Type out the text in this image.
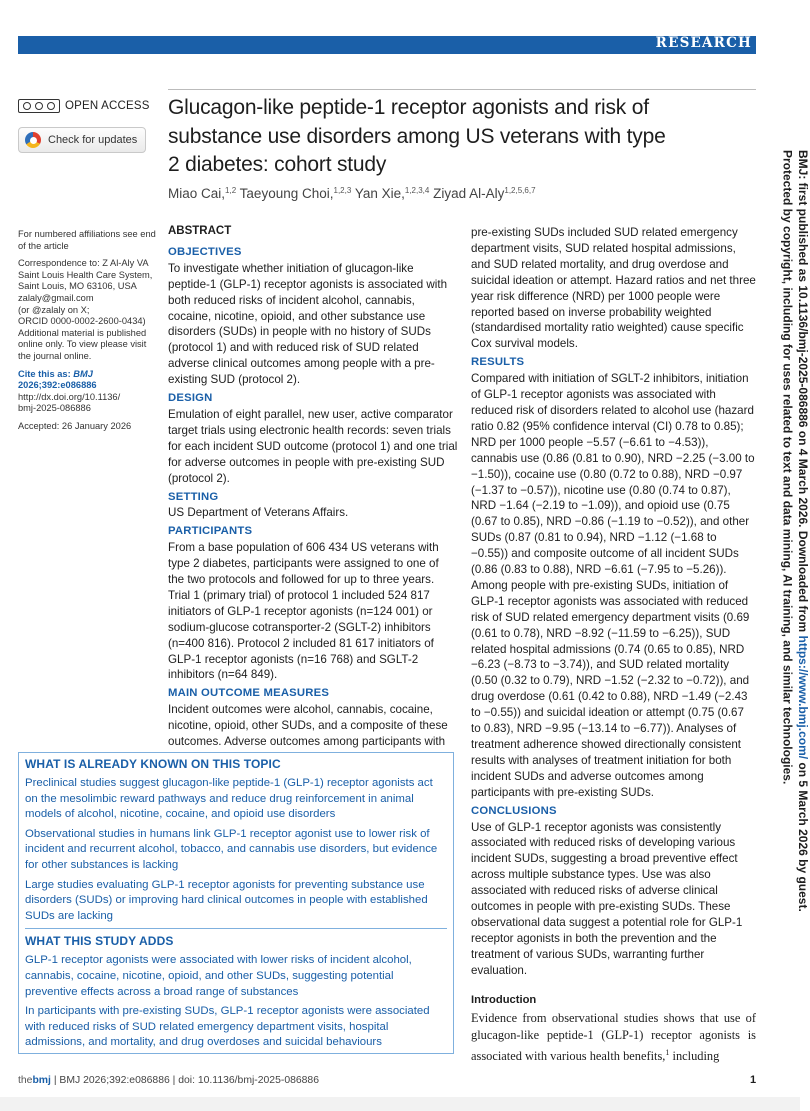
RESEARCH
OPEN ACCESS
Check for updates
Glucagon-like peptide-1 receptor agonists and risk of substance use disorders among US veterans with type 2 diabetes: cohort study
Miao Cai,$^{1,2}$ Taeyoung Choi,$^{1,2,3}$ Yan Xie,$^{1,2,3,4}$ Ziyad Al-Aly$^{1,2,5,6,7}$

For numbered affiliations see end of the article

Correspondence to: Z Al-Aly VA
Saint Louis Health Care System,
Saint Louis, MO 63106, USA
zalaly@gmail.com
(or @zalaly on X;
ORCID 0000-0002-2600-0434)

Additional material is published online only. To view please visit the journal online.

Cite this as: BMJ 2026;392:e086886
http://dx.doi.org/10.1136/
bmj-2025-086886

Accepted: 26 January 2026

ABSTRACT
OBJECTIVES
To investigate whether initiation of glucagon-like peptide-1 (GLP-1) receptor agonists is associated with both reduced risks of incident alcohol, cannabis, cocaine, nicotine, opioid, and other substance use disorders (SUDs) in people with no history of SUDs (protocol 1) and with reduced risk of SUD related adverse clinical outcomes among people with a pre-existing SUD (protocol 2).
DESIGN
Emulation of eight parallel, new user, active comparator target trials using electronic health records: seven trials for each incident SUD outcome (protocol 1) and one trial for adverse outcomes in people with pre-existing SUD (protocol 2).
SETTING
US Department of Veterans Affairs.
PARTICIPANTS
From a base population of 606 434 US veterans with type 2 diabetes, participants were assigned to one of the two protocols and followed for up to three years. Trial 1 (primary trial) of protocol 1 included 524 817 initiators of GLP-1 receptor agonists (n=124 001) or sodium-glucose cotransporter-2 (SGLT-2) inhibitors (n=400 816). Protocol 2 included 81 617 initiators of GLP-1 receptor agonists (n=16 768) and SGLT-2 inhibitors (n=64 849).
MAIN OUTCOME MEASURES
Incident outcomes were alcohol, cannabis, cocaine, nicotine, opioid, other SUDs, and a composite of these outcomes. Adverse outcomes among participants with
pre-existing SUDs included SUD related emergency department visits, SUD related hospital admissions, and SUD related mortality, and drug overdose and suicidal ideation or attempt. Hazard ratios and net three year risk difference (NRD) per 1000 people were reported based on inverse probability weighted (standardised mortality ratio weighted) cause specific Cox survival models.
RESULTS
Compared with initiation of SGLT-2 inhibitors, initiation of GLP-1 receptor agonists was associated with reduced risk of disorders related to alcohol use (hazard ratio 0.82 (95% confidence interval (CI) 0.78 to 0.85); NRD per 1000 people −5.57 (−6.61 to −4.53)), cannabis use (0.86 (0.81 to 0.90), NRD −2.25 (−3.00 to −1.50)), cocaine use (0.80 (0.72 to 0.88), NRD −0.97 (−1.37 to −0.57)), nicotine use (0.80 (0.74 to 0.87), NRD −1.64 (−2.19 to −1.09)), and opioid use (0.75 (0.67 to 0.85), NRD −0.86 (−1.19 to −0.52)), and other SUDs (0.87 (0.81 to 0.94), NRD −1.12 (−1.68 to −0.55)) and composite outcome of all incident SUDs (0.86 (0.83 to 0.88), NRD −6.61 (−7.95 to −5.26)). Among people with pre-existing SUDs, initiation of GLP-1 receptor agonists was associated with reduced risk of SUD related emergency department visits (0.69 (0.61 to 0.78), NRD −8.92 (−11.59 to −6.25)), SUD related hospital admissions (0.74 (0.65 to 0.85), NRD −6.23 (−8.73 to −3.74)), and SUD related mortality (0.50 (0.32 to 0.79), NRD −1.52 (−2.32 to −0.72)), and drug overdose (0.61 (0.42 to 0.88), NRD −1.49 (−2.43 to −0.55)) and suicidal ideation or attempt (0.75 (0.67 to 0.83), NRD −9.95 (−13.14 to −6.77)). Analyses of treatment adherence showed directionally consistent results with analyses of treatment initiation for both incident SUDs and adverse outcomes among participants with pre-existing SUDs.
CONCLUSIONS
Use of GLP-1 receptor agonists was consistently associated with reduced risks of developing various incident SUDs, suggesting a broad preventive effect across multiple substance types. Use was also associated with reduced risks of adverse clinical outcomes in people with pre-existing SUDs. These observational data suggest a potential role for GLP-1 receptor agonists in both the prevention and the treatment of various SUDs, warranting further evaluation.
WHAT IS ALREADY KNOWN ON THIS TOPIC
Preclinical studies suggest glucagon-like peptide-1 (GLP-1) receptor agonists act on the mesolimbic reward pathways and reduce drug reinforcement in animal models of alcohol, nicotine, cocaine, and opioid use disorders
Observational studies in humans link GLP-1 receptor agonist use to lower risk of incident and recurrent alcohol, tobacco, and cannabis use disorders, but evidence for other substances is lacking
Large studies evaluating GLP-1 receptor agonists for preventing substance use disorders (SUDs) or improving hard clinical outcomes in people with established SUDs are lacking
WHAT THIS STUDY ADDS
GLP-1 receptor agonists were associated with lower risks of incident alcohol, cannabis, cocaine, nicotine, opioid, and other SUDs, suggesting potential preventive effects across a broad range of substances
In participants with pre-existing SUDs, GLP-1 receptor agonists were associated with reduced risks of SUD related emergency department visits, hospital admissions, and mortality, and drug overdoses and suicidal behaviours
Introduction
Evidence from observational studies shows that use of glucagon-like peptide-1 (GLP-1) receptor agonists is associated with various health benefits,$^1$ including
BMJ: first published as 10.1136/bmj-2025-086886 on 4 March 2026. Downloaded from https://www.bmj.com/ on 5 March 2026 by guest.
Protected by copyright, including for uses related to text and data mining, AI training, and similar technologies.
thebmj | BMJ 2026;392:e086886 | doi: 10.1136/bmj-2025-086886	1
